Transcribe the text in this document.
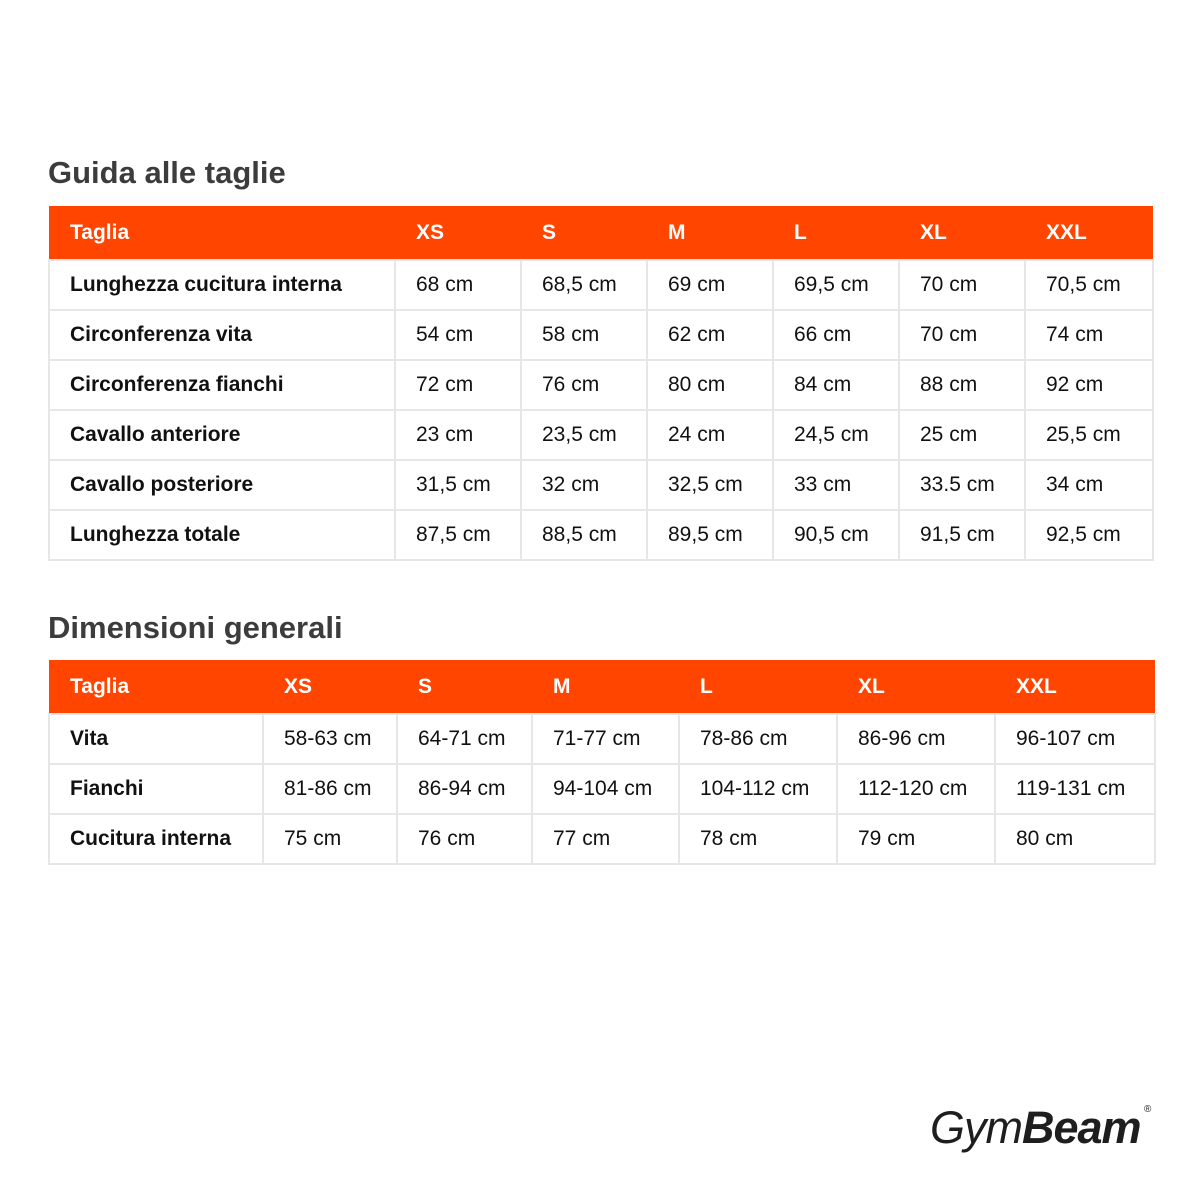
Guida alle taglie
Taglia	XS	S	M	L	XL	XXL
Lunghezza cucitura interna	68 cm	68,5 cm	69 cm	69,5 cm	70 cm	70,5 cm
Circonferenza vita	54 cm	58 cm	62 cm	66 cm	70 cm	74 cm
Circonferenza fianchi	72 cm	76 cm	80 cm	84 cm	88 cm	92 cm
Cavallo anteriore	23 cm	23,5 cm	24 cm	24,5 cm	25 cm	25,5 cm
Cavallo posteriore	31,5 cm	32 cm	32,5 cm	33 cm	33.5 cm	34 cm
Lunghezza totale	87,5 cm	88,5 cm	89,5 cm	90,5 cm	91,5 cm	92,5 cm
Dimensioni generali
Taglia	XS	S	M	L	XL	XXL
Vita	58-63 cm	64-71 cm	71-77 cm	78-86 cm	86-96 cm	96-107 cm
Fianchi	81-86 cm	86-94 cm	94-104 cm	104-112 cm	112-120 cm	119-131 cm
Cucitura interna	75 cm	76 cm	77 cm	78 cm	79 cm	80 cm
GymBeam ®
